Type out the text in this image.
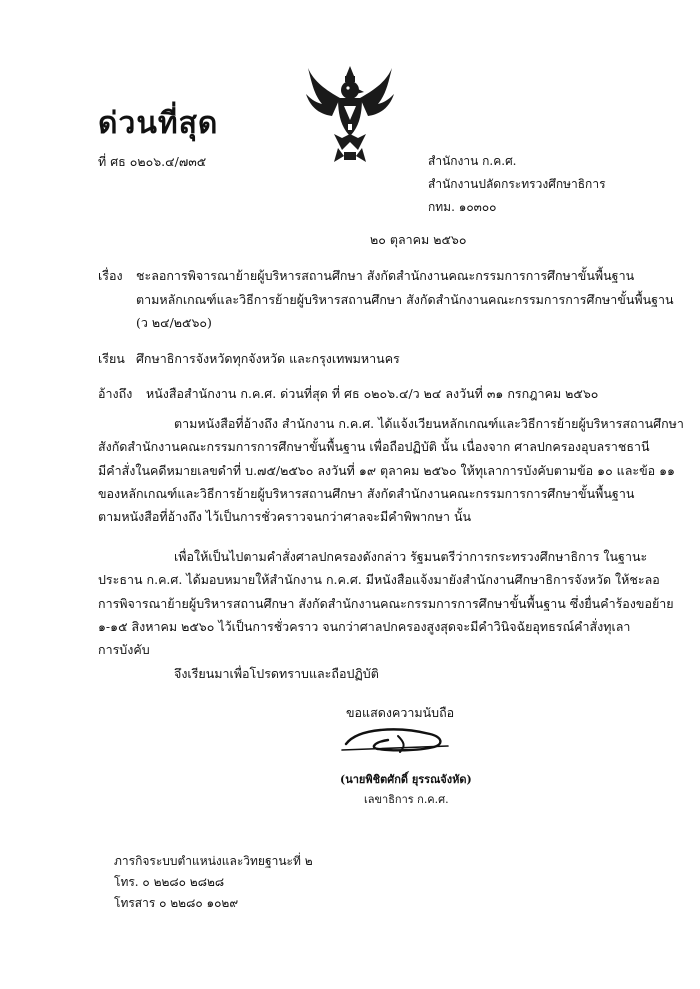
ด่วนที่สุด
ที่ ศธ ๐๒๐๖.๔/๗๓๕	สำนักงาน ก.ค.ศ.
สำนักงานปลัดกระทรวงศึกษาธิการ
กทม. ๑๐๓๐๐
๒๐ ตุลาคม ๒๕๖๐
เรื่อง ชะลอการพิจารณาย้ายผู้บริหารสถานศึกษา สังกัดสำนักงานคณะกรรมการการศึกษาขั้นพื้นฐาน
ตามหลักเกณฑ์และวิธีการย้ายผู้บริหารสถานศึกษา สังกัดสำนักงานคณะกรรมการการศึกษาขั้นพื้นฐาน
(ว ๒๔/๒๕๖๐)
เรียน ศึกษาธิการจังหวัดทุกจังหวัด และกรุงเทพมหานคร
อ้างถึง หนังสือสำนักงาน ก.ค.ศ. ด่วนที่สุด ที่ ศธ ๐๒๐๖.๔/ว ๒๔ ลงวันที่ ๓๑ กรกฎาคม ๒๕๖๐
ตามหนังสือที่อ้างถึง สำนักงาน ก.ค.ศ. ได้แจ้งเวียนหลักเกณฑ์และวิธีการย้ายผู้บริหารสถานศึกษา
สังกัดสำนักงานคณะกรรมการการศึกษาขั้นพื้นฐาน เพื่อถือปฏิบัติ นั้น เนื่องจาก ศาลปกครองอุบลราชธานี
มีคำสั่งในคดีหมายเลขดำที่ บ.๗๕/๒๕๖๐ ลงวันที่ ๑๙ ตุลาคม ๒๕๖๐ ให้ทุเลาการบังคับตามข้อ ๑๐ และข้อ ๑๑
ของหลักเกณฑ์และวิธีการย้ายผู้บริหารสถานศึกษา สังกัดสำนักงานคณะกรรมการการศึกษาขั้นพื้นฐาน
ตามหนังสือที่อ้างถึง ไว้เป็นการชั่วคราวจนกว่าศาลจะมีคำพิพากษา นั้น
เพื่อให้เป็นไปตามคำสั่งศาลปกครองดังกล่าว รัฐมนตรีว่าการกระทรวงศึกษาธิการ ในฐานะ
ประธาน ก.ค.ศ. ได้มอบหมายให้สำนักงาน ก.ค.ศ. มีหนังสือแจ้งมายังสำนักงานศึกษาธิการจังหวัด ให้ชะลอ
การพิจารณาย้ายผู้บริหารสถานศึกษา สังกัดสำนักงานคณะกรรมการการศึกษาขั้นพื้นฐาน ซึ่งยื่นคำร้องขอย้าย
๑-๑๕ สิงหาคม ๒๕๖๐ ไว้เป็นการชั่วคราว จนกว่าศาลปกครองสูงสุดจะมีคำวินิจฉัยอุทธรณ์คำสั่งทุเลา
การบังคับ
จึงเรียนมาเพื่อโปรดทราบและถือปฏิบัติ
ขอแสดงความนับถือ
(นายพิชิตศักดิ์ ยุรรณจังหัด)
เลขาธิการ ก.ค.ศ.
ภารกิจระบบตำแหน่งและวิทยฐานะที่ ๒
โทร. ๐ ๒๒๘๐ ๒๘๒๘
โทรสาร ๐ ๒๒๘๐ ๑๐๒๙
